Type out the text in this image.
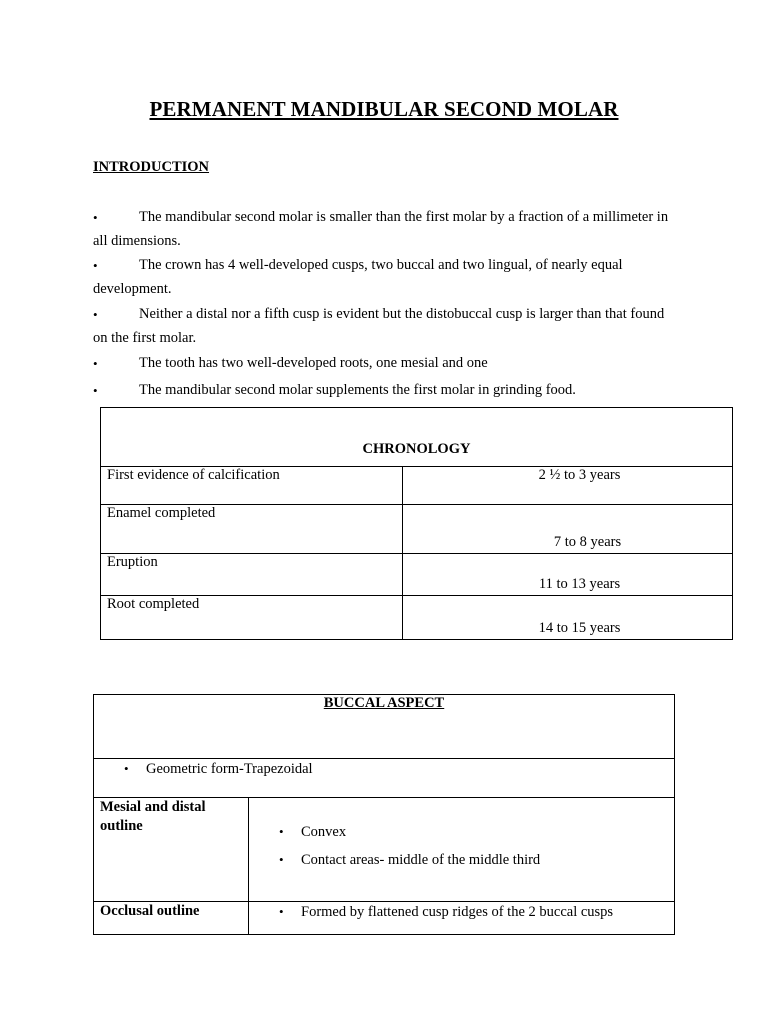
PERMANENT MANDIBULAR SECOND MOLAR
INTRODUCTION
•	The mandibular second molar is smaller than the first molar by a fraction of a millimeter in all dimensions.
•	The crown has 4 well-developed cusps, two buccal and two lingual, of nearly equal development.
•	Neither a distal nor a fifth cusp is evident but the distobuccal cusp is larger than that found on the first molar.
•	The tooth has two well-developed roots, one mesial and one
•	The mandibular second molar supplements the first molar in grinding food.
CHRONOLOGY	
First evidence of calcification	2 ½ to 3 years

Enamel completed	7 to 8 years

Eruption	11 to 13 years

Root completed	14 to 15 years
BUCCAL ASPECT	

• Geometric form-Trapezoidal	

Mesial and distal outline	• Convex
• Contact areas- middle of the middle third

Occlusal outline	• Formed by flattened cusp ridges of the 2 buccal cusps
